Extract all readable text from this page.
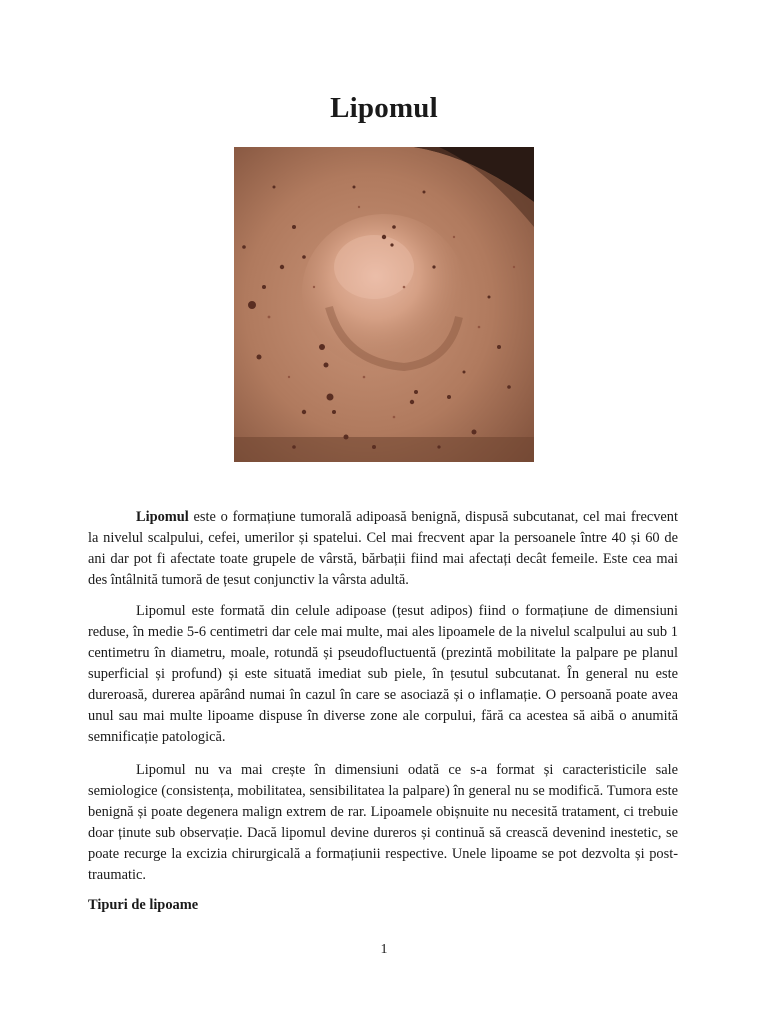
Lipomul

Lipomul este o formațiune tumorală adipoasă benignă, dispusă subcutanat, cel mai frecvent la nivelul scalpului, cefei, umerilor și spatelui. Cel mai frecvent apar la persoanele între 40 și 60 de ani dar pot fi afectate toate grupele de vârstă, bărbații fiind mai afectați decât femeile. Este cea mai des întâlnită tumoră de țesut conjunctiv la vârsta adultă.

Lipomul este formată din celule adipoase (țesut adipos) fiind o formațiune de dimensiuni reduse, în medie 5-6 centimetri dar cele mai multe, mai ales lipoamele de la nivelul scalpului au sub 1 centimetru în diametru, moale, rotundă și pseudofluctuentă (prezintă mobilitate la palpare pe planul superficial și profund) și este situată imediat sub piele, în țesutul subcutanat. În general nu este dureroasă, durerea apărând numai în cazul în care se asociază și o inflamație. O persoană poate avea unul sau mai multe lipoame dispuse în diverse zone ale corpului, fără ca acestea să aibă o anumită semnificație patologică.

Lipomul nu va mai crește în dimensiuni odată ce s-a format și caracteristicile sale semiologice (consistența, mobilitatea, sensibilitatea la palpare) în general nu se modifică. Tumora este benignă și poate degenera malign extrem de rar. Lipoamele obișnuite nu necesită tratament, ci trebuie doar ținute sub observație. Dacă lipomul devine dureros și continuă să crească devenind inestetic, se poate recurge la excizia chirurgicală a formațiunii respective. Unele lipoame se pot dezvolta și post-traumatic.

Tipuri de lipoame
1
